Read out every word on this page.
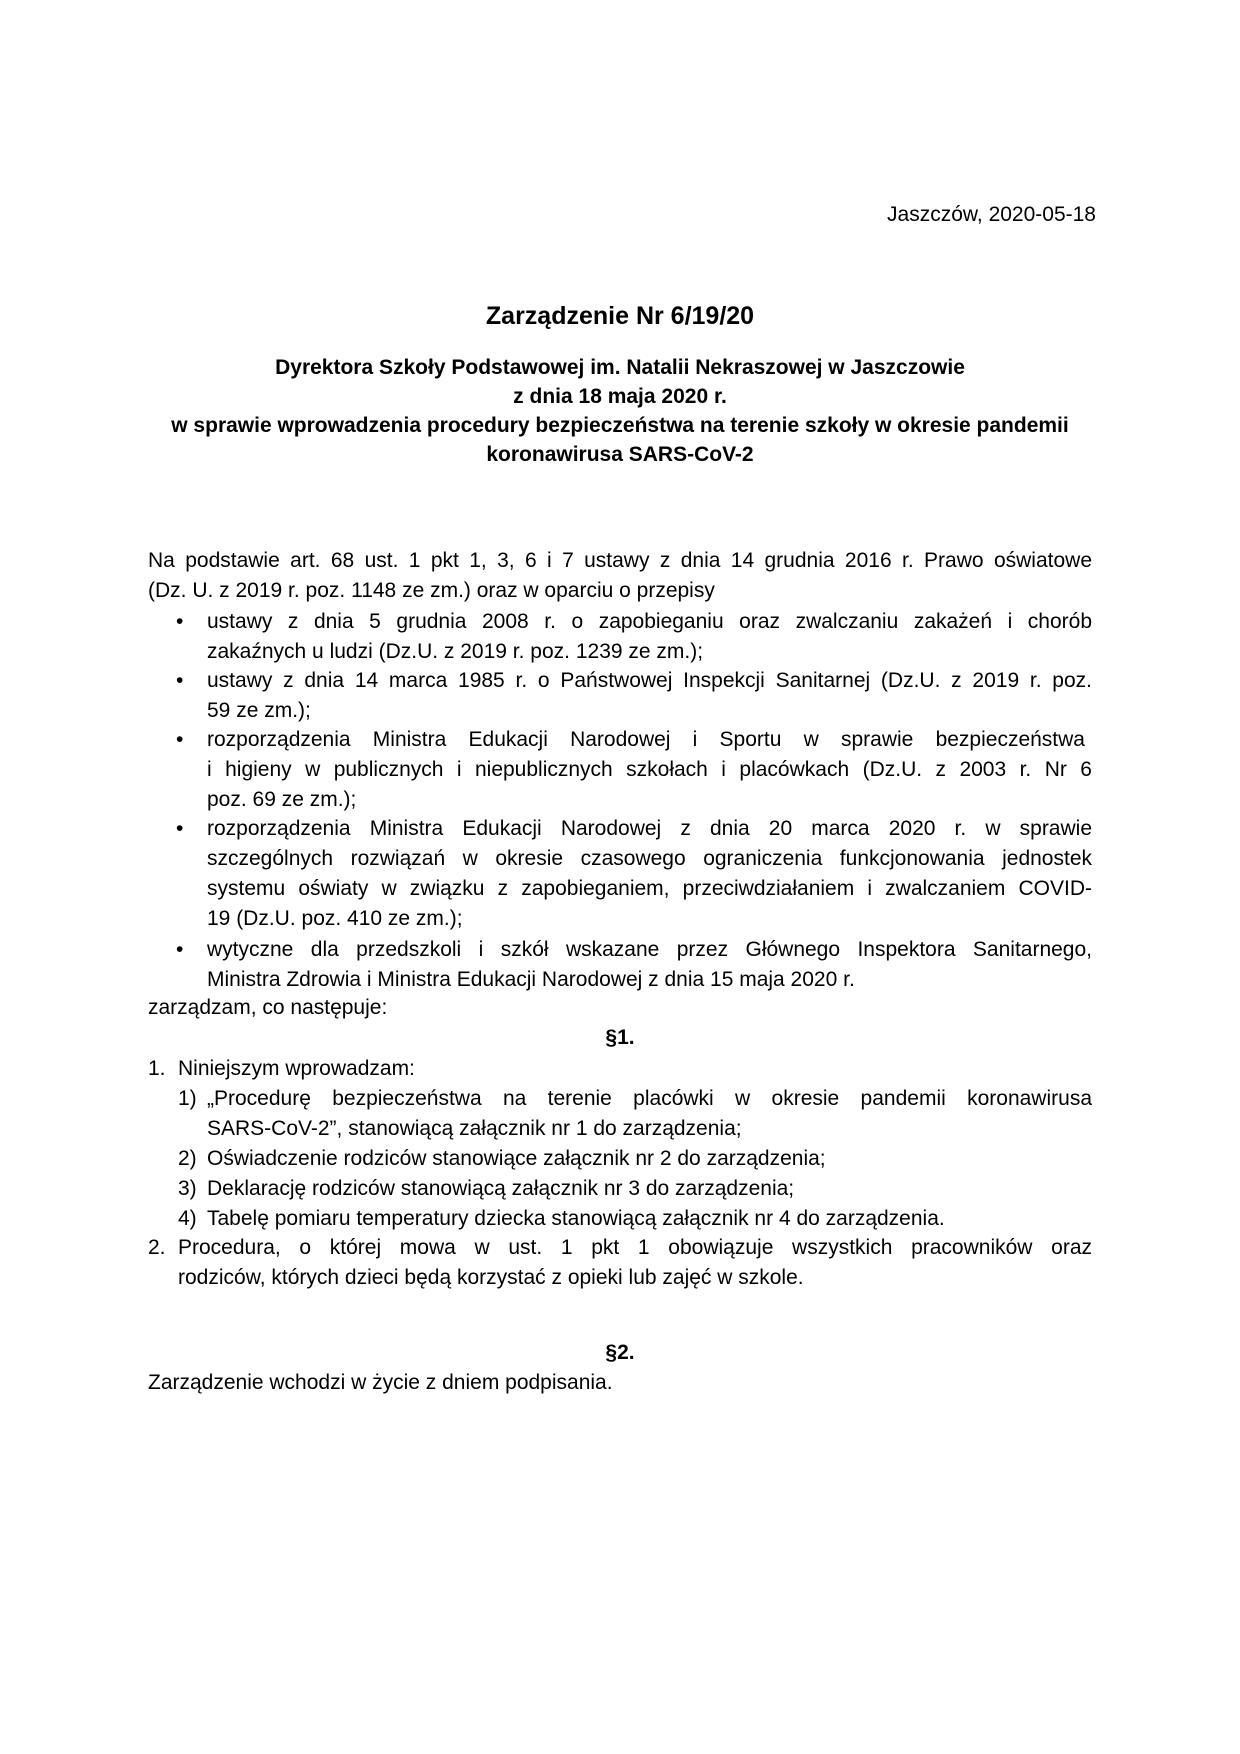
Jaszczów, 2020-05-18
Zarządzenie Nr 6/19/20
Dyrektora Szkoły Podstawowej im. Natalii Nekraszowej w Jaszczowie
z dnia 18 maja 2020 r.
w sprawie wprowadzenia procedury bezpieczeństwa na terenie szkoły w okresie pandemii
koronawirusa SARS-CoV-2
Na podstawie art. 68 ust. 1 pkt 1, 3, 6 i 7 ustawy z dnia 14 grudnia 2016 r. Prawo oświatowe
(Dz. U. z 2019 r. poz. 1148 ze zm.) oraz w oparciu o przepisy
• ustawy z dnia 5 grudnia 2008 r. o zapobieganiu oraz zwalczaniu zakażeń i chorób
zakaźnych u ludzi (Dz.U. z 2019 r. poz. 1239 ze zm.);
• ustawy z dnia 14 marca 1985 r. o Państwowej Inspekcji Sanitarnej (Dz.U. z 2019 r. poz.
59 ze zm.);
• rozporządzenia Ministra Edukacji Narodowej i Sportu w sprawie bezpieczeństwa
i higieny w publicznych i niepublicznych szkołach i placówkach (Dz.U. z 2003 r. Nr 6
poz. 69 ze zm.);
• rozporządzenia Ministra Edukacji Narodowej z dnia 20 marca 2020 r. w sprawie
szczególnych rozwiązań w okresie czasowego ograniczenia funkcjonowania jednostek
systemu oświaty w związku z zapobieganiem, przeciwdziałaniem i zwalczaniem COVID-
19 (Dz.U. poz. 410 ze zm.);
• wytyczne dla przedszkoli i szkół wskazane przez Głównego Inspektora Sanitarnego,
Ministra Zdrowia i Ministra Edukacji Narodowej z dnia 15 maja 2020 r.
zarządzam, co następuje:
§1.
1. Niniejszym wprowadzam:
1) „Procedurę bezpieczeństwa na terenie placówki w okresie pandemii koronawirusa
SARS-CoV-2”, stanowiącą załącznik nr 1 do zarządzenia;
2) Oświadczenie rodziców stanowiące załącznik nr 2 do zarządzenia;
3) Deklarację rodziców stanowiącą załącznik nr 3 do zarządzenia;
4) Tabelę pomiaru temperatury dziecka stanowiącą załącznik nr 4 do zarządzenia.
2. Procedura, o której mowa w ust. 1 pkt 1 obowiązuje wszystkich pracowników oraz
rodziców, których dzieci będą korzystać z opieki lub zajęć w szkole.
§2.
Zarządzenie wchodzi w życie z dniem podpisania.
